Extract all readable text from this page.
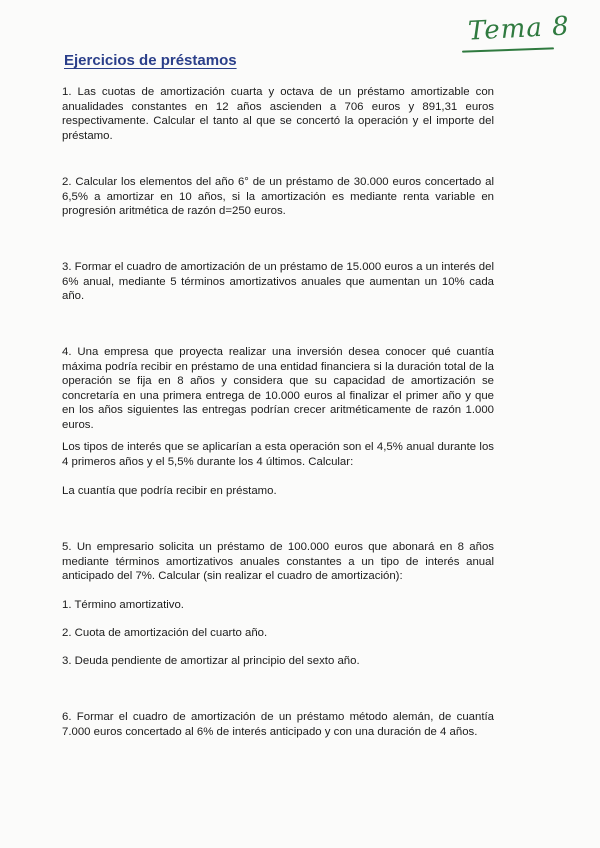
Tema 8
Ejercicios de préstamos

1. Las cuotas de amortización cuarta y octava de un préstamo amortizable con anualidades constantes en 12 años ascienden a 706 euros y 891,31 euros respectivamente. Calcular el tanto al que se concertó la operación y el importe del préstamo.

2. Calcular los elementos del año 6° de un préstamo de 30.000 euros concertado al 6,5% a amortizar en 10 años, si la amortización es mediante renta variable en progresión aritmética de razón d=250 euros.

3. Formar el cuadro de amortización de un préstamo de 15.000 euros a un interés del 6% anual, mediante 5 términos amortizativos anuales que aumentan un 10% cada año.

4. Una empresa que proyecta realizar una inversión desea conocer qué cuantía máxima podría recibir en préstamo de una entidad financiera si la duración total de la operación se fija en 8 años y considera que su capacidad de amortización se concretaría en una primera entrega de 10.000 euros al finalizar el primer año y que en los años siguientes las entregas podrían crecer aritméticamente de razón 1.000 euros.

Los tipos de interés que se aplicarían a esta operación son el 4,5% anual durante los 4 primeros años y el 5,5% durante los 4 últimos. Calcular:

La cuantía que podría recibir en préstamo.

5. Un empresario solicita un préstamo de 100.000 euros que abonará en 8 años mediante términos amortizativos anuales constantes a un tipo de interés anual anticipado del 7%. Calcular (sin realizar el cuadro de amortización):

1. Término amortizativo.

2. Cuota de amortización del cuarto año.

3. Deuda pendiente de amortizar al principio del sexto año.

6. Formar el cuadro de amortización de un préstamo método alemán, de cuantía 7.000 euros concertado al 6% de interés anticipado y con una duración de 4 años.
